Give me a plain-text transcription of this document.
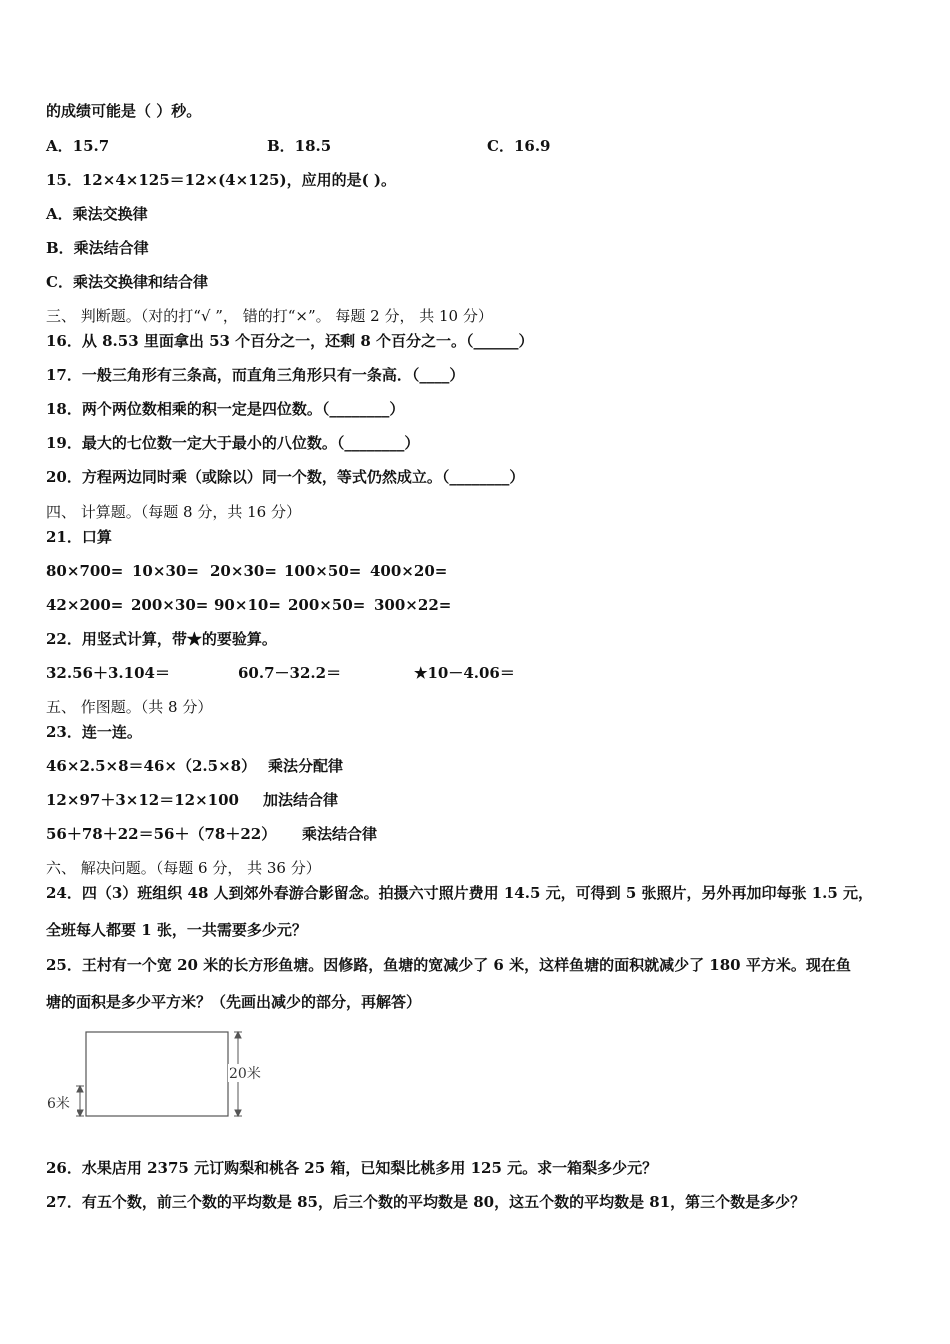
的成绩可能是（ ）秒。
A．15.7	B．18.5	C．16.9
15．12×4×125＝12×(4×125)，应用的是( )。
A．乘法交换律
B．乘法结合律
C．乘法交换律和结合律
三、 判断题。（对的打“√ ”， 错的打“×”。 每题 2 分， 共 10 分）
16．从 8.53 里面拿出 53 个百分之一，还剩 8 个百分之一。（______）
17．一般三角形有三条高，而直角三角形只有一条高．（____）
18．两个两位数相乘的积一定是四位数。（________）
19．最大的七位数一定大于最小的八位数。（________）
20．方程两边同时乘（或除以）同一个数，等式仍然成立。（________）
四、 计算题。（每题 8 分，共 16 分）
21．口算
80×700= 10×30= 20×30= 100×50= 400×20=
42×200= 200×30= 90×10= 200×50= 300×22=
22．用竖式计算，带★的要验算。
32.56＋3.104＝	60.7－32.2＝	★10－4.06＝
五、 作图题。（共 8 分）
23．连一连。
46×2.5×8＝46×（2.5×8） 乘法分配律
12×97＋3×12＝12×100 加法结合律
56＋78＋22＝56＋（78＋22） 乘法结合律
六、 解决问题。（每题 6 分， 共 36 分）
24．四（3）班组织 48 人到郊外春游合影留念。拍摄六寸照片费用 14.5 元，可得到 5 张照片，另外再加印每张 1.5 元，
全班每人都要 1 张，一共需要多少元？
25．王村有一个宽 20 米的长方形鱼塘。因修路，鱼塘的宽减少了 6 米，这样鱼塘的面积就减少了 180 平方米。现在鱼
塘的面积是多少平方米？（先画出减少的部分，再解答）
20米
6米
26．水果店用 2375 元订购梨和桃各 25 箱，已知梨比桃多用 125 元。求一箱梨多少元？
27．有五个数，前三个数的平均数是 85，后三个数的平均数是 80，这五个数的平均数是 81，第三个数是多少？
